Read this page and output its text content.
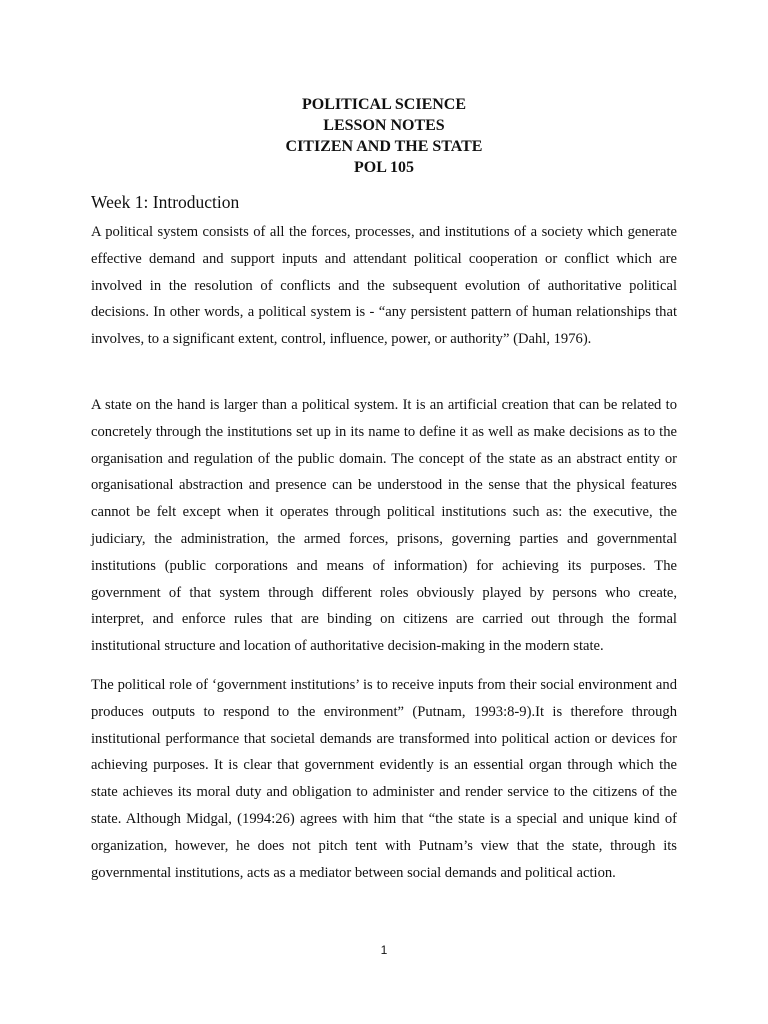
POLITICAL SCIENCE
LESSON NOTES
CITIZEN AND THE STATE
POL 105
Week 1: Introduction

A political system consists of all the forces, processes, and institutions of a society which generate effective demand and support inputs and attendant political cooperation or conflict which are involved in the resolution of conflicts and the subsequent evolution of authoritative political decisions. In other words, a political system is - “any persistent pattern of human relationships that involves, to a significant extent, control, influence, power, or authority” (Dahl, 1976).

A state on the hand is larger than a political system. It is an artificial creation that can be related to concretely through the institutions set up in its name to define it as well as make decisions as to the organisation and regulation of the public domain. The concept of the state as an abstract entity or organisational abstraction and presence can be understood in the sense that the physical features cannot be felt except when it operates through political institutions such as: the executive, the judiciary, the administration, the armed forces, prisons, governing parties and governmental institutions (public corporations and means of information) for achieving its purposes. The government of that system through different roles obviously played by persons who create, interpret, and enforce rules that are binding on citizens are carried out through the formal institutional structure and location of authoritative decision-making in the modern state.

The political role of ‘government institutions’ is to receive inputs from their social environment and produces outputs to respond to the environment” (Putnam, 1993:8-9).It is therefore through institutional performance that societal demands are transformed into political action or devices for achieving purposes. It is clear that government evidently is an essential organ through which the state achieves its moral duty and obligation to administer and render service to the citizens of the state. Although Midgal, (1994:26) agrees with him that “the state is a special and unique kind of organization, however, he does not pitch tent with Putnam’s view that the state, through its governmental institutions, acts as a mediator between social demands and political action.

1
